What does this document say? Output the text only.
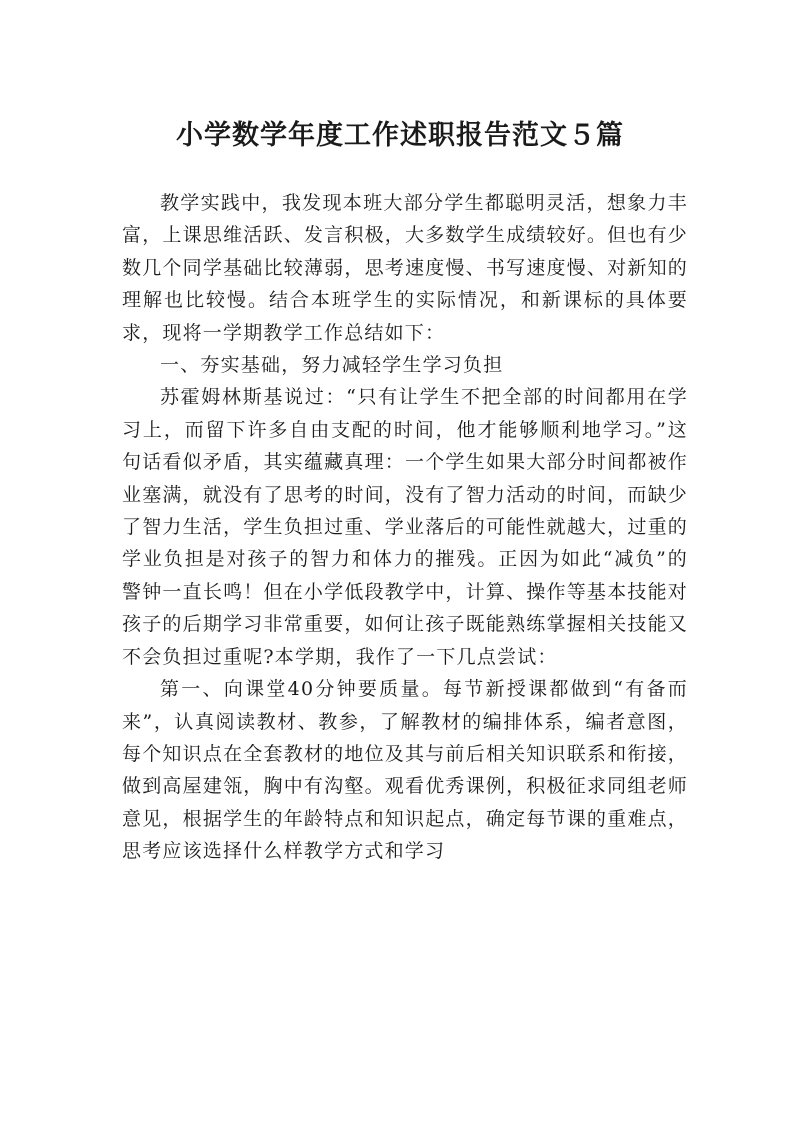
小学数学年度工作述职报告范文５篇

教学实践中，我发现本班大部分学生都聪明灵活，想象力丰富，上课思维活跃、发言积极，大多数学生成绩较好。但也有少数几个同学基础比较薄弱，思考速度慢、书写速度慢、对新知的理解也比较慢。结合本班学生的实际情况，和新课标的具体要求，现将一学期教学工作总结如下：

一、夯实基础，努力减轻学生学习负担

苏霍姆林斯基说过：“只有让学生不把全部的时间都用在学习上，而留下许多自由支配的时间，他才能够顺利地学习。”这句话看似矛盾，其实蕴藏真理：一个学生如果大部分时间都被作业塞满，就没有了思考的时间，没有了智力活动的时间，而缺少了智力生活，学生负担过重、学业落后的可能性就越大，过重的学业负担是对孩子的智力和体力的摧残。正因为如此“减负”的警钟一直长鸣！但在小学低段教学中，计算、操作等基本技能对孩子的后期学习非常重要，如何让孩子既能熟练掌握相关技能又不会负担过重呢?本学期，我作了一下几点尝试：

第一、向课堂40分钟要质量。每节新授课都做到“有备而来”，认真阅读教材、教参，了解教材的编排体系，编者意图，每个知识点在全套教材的地位及其与前后相关知识联系和衔接，做到高屋建瓴，胸中有沟壑。观看优秀课例，积极征求同组老师意见，根据学生的年龄特点和知识起点，确定每节课的重难点，思考应该选择什么样教学方式和学习
